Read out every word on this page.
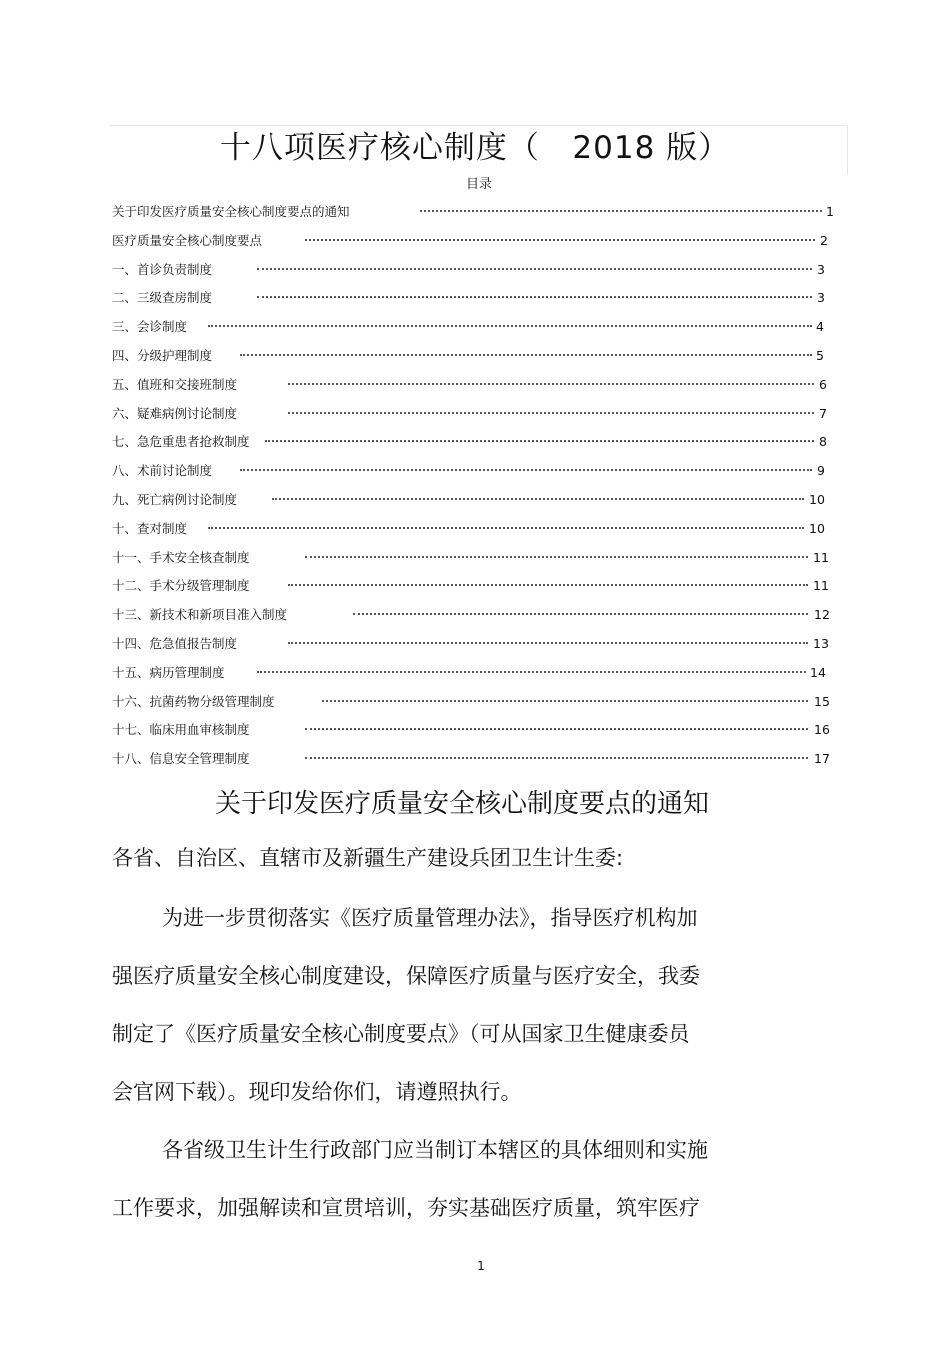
十八项医疗核心制度（   2018 版）
目录
关于印发医疗质量安全核心制度要点的通知	1
医疗质量安全核心制度要点	2
一、首诊负责制度	3
二、三级查房制度	3
三、会诊制度	4
四、分级护理制度	5
五、值班和交接班制度	6
六、疑难病例讨论制度	7
七、急危重患者抢救制度	8
八、术前讨论制度	9
九、死亡病例讨论制度	10
十、查对制度	10
十一、手术安全核查制度	11
十二、手术分级管理制度	11
十三、新技术和新项目准入制度	12
十四、危急值报告制度	13
十五、病历管理制度	14
十六、抗菌药物分级管理制度	15
十七、临床用血审核制度	16
十八、信息安全管理制度	17
关于印发医疗质量安全核心制度要点的通知
各省、自治区、直辖市及新疆生产建设兵团卫生计生委:
为进一步贯彻落实《医疗质量管理办法》，指导医疗机构加
强医疗质量安全核心制度建设，保障医疗质量与医疗安全，我委
制定了《医疗质量安全核心制度要点》（可从国家卫生健康委员
会官网下载）。现印发给你们，请遵照执行。
各省级卫生计生行政部门应当制订本辖区的具体细则和实施
工作要求，加强解读和宣贯培训，夯实基础医疗质量，筑牢医疗
1
